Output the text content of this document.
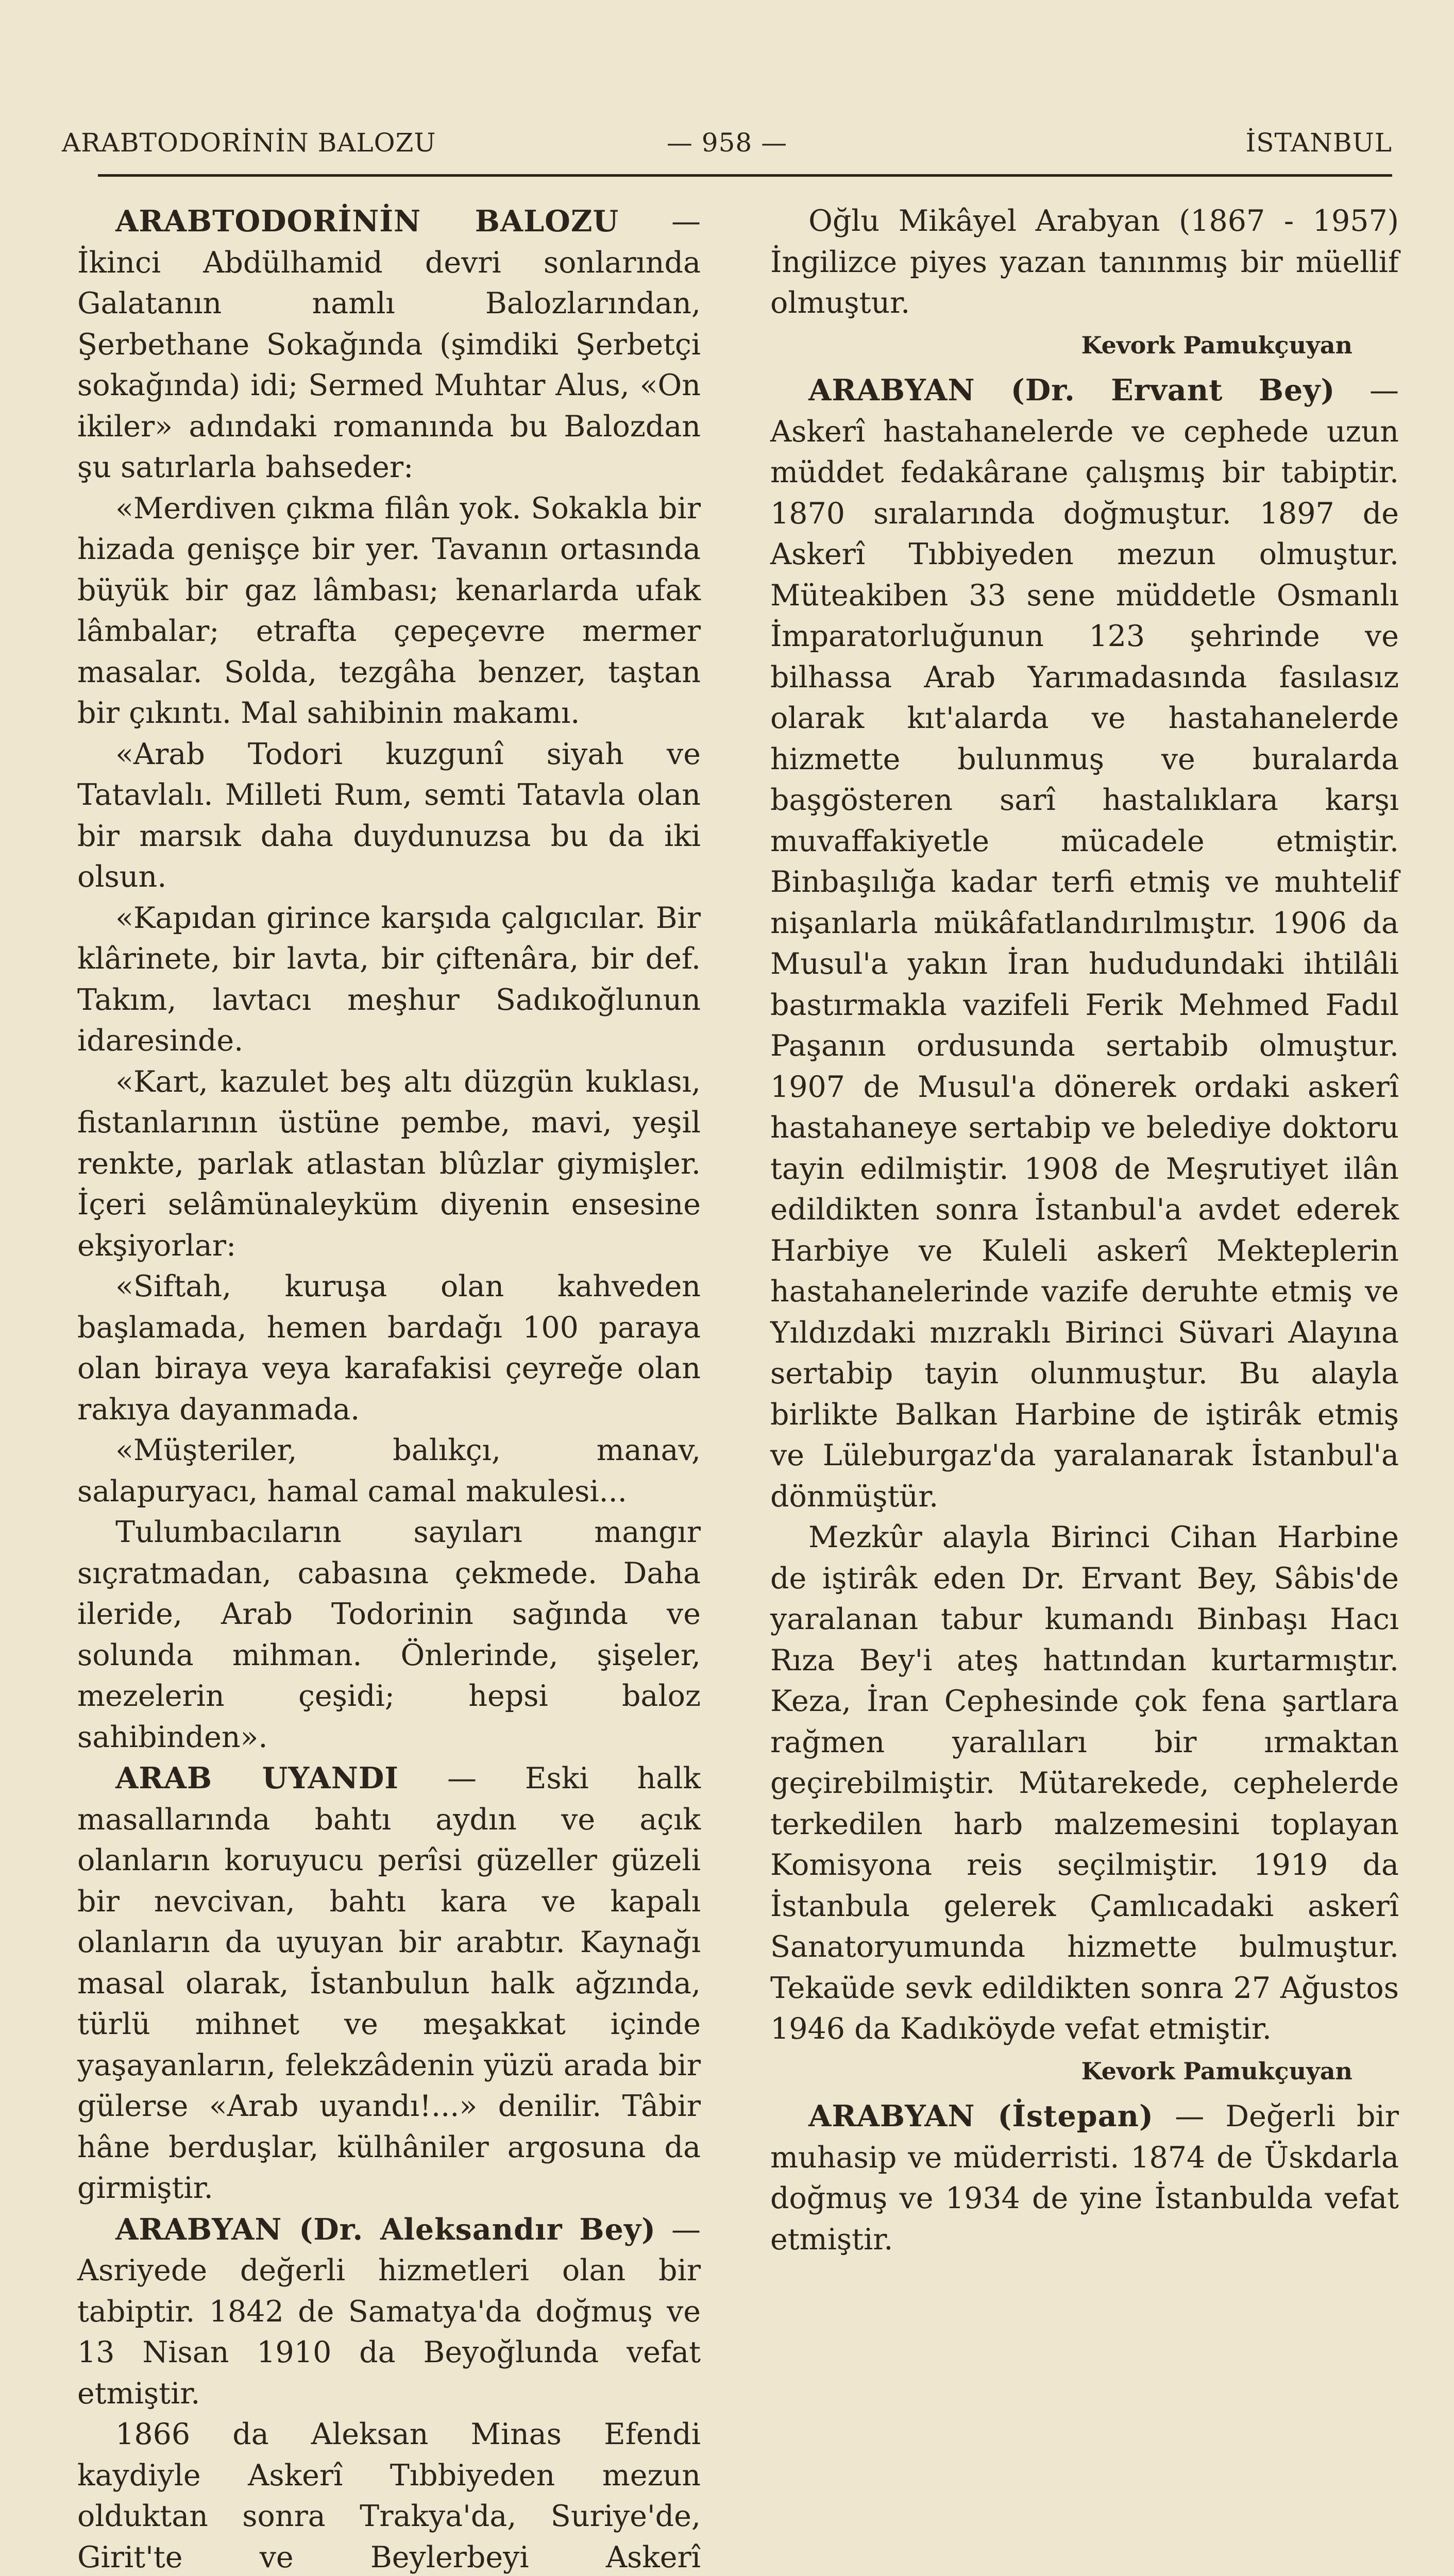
ARABTODORİNİN BALOZU	— 958 —	İSTANBUL

ARABTODORİNİN BALOZU — İkinci Abdülhamid devri sonlarında Galatanın namlı Balozlarından, Şerbethane Sokağında (şimdiki Şerbetçi sokağında) idi; Sermed Muhtar Alus, «On ikiler» adındaki romanında bu Balozdan şu satırlarla bahseder:

«Merdiven çıkma filân yok. Sokakla bir hizada genişçe bir yer. Tavanın ortasında büyük bir gaz lâmbası; kenarlarda ufak lâmbalar; etrafta çepeçevre mermer masalar. Solda, tezgâha benzer, taştan bir çıkıntı. Mal sahibinin makamı.

«Arab Todori kuzgunî siyah ve Tatavlalı. Milleti Rum, semti Tatavla olan bir marsık daha duydunuzsa bu da iki olsun.

«Kapıdan girince karşıda çalgıcılar. Bir klârinete, bir lavta, bir çiftenâra, bir def. Takım, lavtacı meşhur Sadıkoğlunun idaresinde.

«Kart, kazulet beş altı düzgün kuklası, fistanlarının üstüne pembe, mavi, yeşil renkte, parlak atlastan blûzlar giymişler. İçeri selâmünaleyküm diyenin ensesine ekşiyorlar:

«Siftah, kuruşa olan kahveden başlamada, hemen bardağı 100 paraya olan biraya veya karafakisi çeyreğe olan rakıya dayanmada.

«Müşteriler, balıkçı, manav, salapuryacı, hamal camal makulesi...

Tulumbacıların sayıları mangır sıçratmadan, cabasına çekmede. Daha ileride, Arab Todorinin sağında ve solunda mihman. Önlerinde, şişeler, mezelerin çeşidi; hepsi baloz sahibinden».

ARAB UYANDI — Eski halk masallarında bahtı aydın ve açık olanların koruyucu perîsi güzeller güzeli bir nevcivan, bahtı kara ve kapalı olanların da uyuyan bir arabtır. Kaynağı masal olarak, İstanbulun halk ağzında, türlü mihnet ve meşakkat içinde yaşayanların, felekzâdenin yüzü arada bir gülerse «Arab uyandı!...» denilir. Tâbir hâne berduşlar, külhâniler argosuna da girmiştir.

ARABYAN (Dr. Aleksandır Bey) — Asriyede değerli hizmetleri olan bir tabiptir. 1842 de Samatya'da doğmuş ve 13 Nisan 1910 da Beyoğlunda vefat etmiştir.

1866 da Aleksan Minas Efendi kaydiyle Askerî Tıbbiyeden mezun olduktan sonra Trakya'da, Suriye'de, Girit'te ve Beylerbeyi Askerî

Oğlu Mikâyel Arabyan (1867 - 1957) İngilizce piyes yazan tanınmış bir müellif olmuştur.

Kevork Pamukçuyan

ARABYAN (Dr. Ervant Bey) — Askerî hastahanelerde ve cephede uzun müddet fedakârane çalışmış bir tabiptir. 1870 sıralarında doğmuştur. 1897 de Askerî Tıbbiyeden mezun olmuştur. Müteakiben 33 sene müddetle Osmanlı İmparatorluğunun 123 şehrinde ve bilhassa Arab Yarımadasında fasılasız olarak kıt'alarda ve hastahanelerde hizmette bulunmuş ve buralarda başgösteren sarî hastalıklara karşı muvaffakiyetle mücadele etmiştir. Binbaşılığa kadar terfi etmiş ve muhtelif nişanlarla mükâfatlandırılmıştır. 1906 da Musul'a yakın İran hududundaki ihtilâli bastırmakla vazifeli Ferik Mehmed Fadıl Paşanın ordusunda sertabib olmuştur. 1907 de Musul'a dönerek ordaki askerî hastahaneye sertabip ve belediye doktoru tayin edilmiştir. 1908 de Meşrutiyet ilân edildikten sonra İstanbul'a avdet ederek Harbiye ve Kuleli askerî Mekteplerin hastahanelerinde vazife deruhte etmiş ve Yıldızdaki mızraklı Birinci Süvari Alayına sertabip tayin olunmuştur. Bu alayla birlikte Balkan Harbine de iştirâk etmiş ve Lüleburgaz'da yaralanarak İstanbul'a dönmüştür.

Mezkûr alayla Birinci Cihan Harbine de iştirâk eden Dr. Ervant Bey, Sâbis'de yaralanan tabur kumandı Binbaşı Hacı Rıza Bey'i ateş hattından kurtarmıştır. Keza, İran Cephesinde çok fena şartlara rağmen yaralıları bir ırmaktan geçirebilmiştir. Mütarekede, cephelerde terkedilen harb malzemesini toplayan Komisyona reis seçilmiştir. 1919 da İstanbula gelerek Çamlıcadaki askerî Sanatoryumunda hizmette bulmuştur. Tekaüde sevk edildikten sonra 27 Ağustos 1946 da Kadıköyde vefat etmiştir.

Kevork Pamukçuyan

ARABYAN (İstepan) — Değerli bir muhasip ve müderristi. 1874 de Üskdarla doğmuş ve 1934 de yine İstanbulda vefat etmiştir.
